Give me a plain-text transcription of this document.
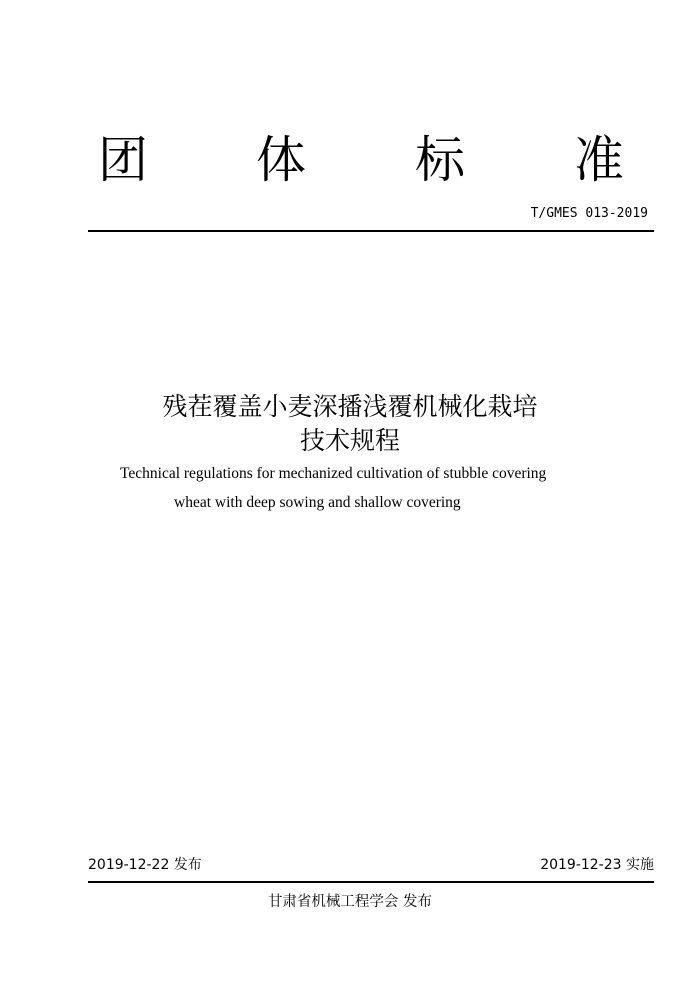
团 体 标 准
T/GMES 013-2019
残茬覆盖小麦深播浅覆机械化栽培
技术规程
Technical regulations for mechanized cultivation of stubble covering
wheat with deep sowing and shallow covering
2019-12-22 发布	2019-12-23 实施
甘肃省机械工程学会 发布
